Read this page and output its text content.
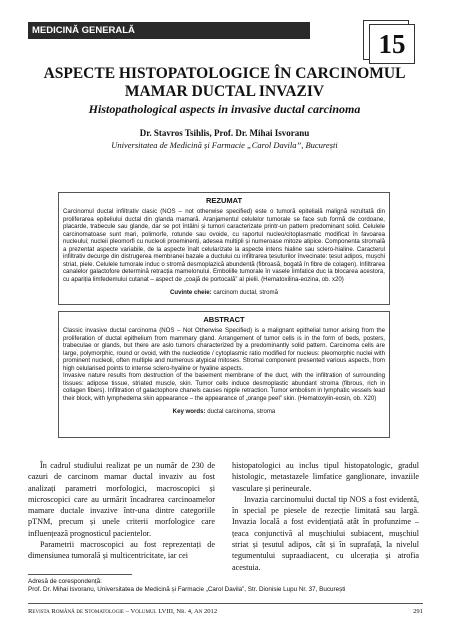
MEDICINĂ GENERALĂ	15
ASPECTE HISTOPATOLOGICE ÎN CARCINOMUL
MAMAR DUCTAL INVAZIV
Histopathological aspects in invasive ductal carcinoma
Dr. Stavros Tsihlis, Prof. Dr. Mihai Isvoranu
Universitatea de Medicină și Farmacie „Carol Davila”, București
REZUMAT
Carcinomul ductal infiltrativ clasic (NOS – not otherwise specified) este o tumoră epitelială malignă rezultată din proliferarea epiteliului ductal din glanda mamară. Aranjamentul celulelor tumorale se face sub formă de cordoane, placarde, trabecule sau glande, dar se pot întâlni și tumori caracterizate printr-un pattern predominant solid. Celulele carcinomatoase sunt mari, polimorfe, rotunde sau ovoide, cu raportul nucleo/citoplasmatic modificat în favoarea nucleului; nucleii pleomorfi cu nucleoli proeminenți, adesea multipli și numeroase mitoze atipice. Componenta stromală a prezentat aspecte variabile, de la aspecte înalt celularizate la aspecte intens hialine sau sclero-hialine. Caracterul infiltrativ decurge din distrugerea membranei bazale a ductului cu infiltrarea țesuturilor învecinate: țesut adipos, mușchi striat, piele. Celulele tumorale induc o stromă desmoplazică abundentă (fibroasă, bogată în fibre de colagen). Infiltrarea canalelor galactofore determină retracția mamelonului. Embolille tumorale în vasele limfatice duc la blocarea acestora, cu apariția limfedemului cutanat – aspect de „coajă de portocală” al pielii. (Hematoxilina-eozina, ob. x20)
Cuvinte cheie: carcinom ductal, stromă
ABSTRACT

Classic invasive ductal carcinoma (NOS – Not Otherwise Specified) is a malignant epithelial tumor arising from the proliferation of ductal epithelium from mammary gland. Arrangement of tumor cells is in the form of beds, posters, trabeculae or glands, but there are aslo tumors characterized by a predominantly solid pattern. Carcinoma cells are large, polymorphic, round or ovoid, with the nucleotide / cytoplasmic ratio modified for nucleus: pleomorphic nuclei with prominent nucleoli, often multiple and numerous atypical mitoses. Stromal component presented various aspects, from high celularised points to intense sclero-hyaline or hyaline aspects.

Invasive nature results from destruction of the basement membrane of the duct, with the infiltration of surrounding tissues: adipose tissue, striated muscle, skin. Tumor cells induce desmoplastic abundant stroma (fibrous, rich in collagen fibers). Infiltration of galactophore chanels causes nipple retraction. Tumor embolism in lymphatic vessels lead their block, with lymphedema skin appearance – the appearance of „orange peel” skin. (Hematoxylin-eosin, ob. X20)

Key words: ductal carcinoma, stroma

În cadrul studiului realizat pe un număr de 230 de cazuri de carcinom mamar ductal invaziv au fost analizați parametri morfologici, macroscopici și microscopici care au urmărit încadrarea carcinoamelor mamare ductale invazive într-una dintre categoriile pTNM, precum și unele criterii morfologice care influențează prognosticul pacientelor.

Parametrii macroscopici au fost reprezentați de dimensiunea tumorală și multicentricitate, iar cei

histopatologici au inclus tipul histopatologic, gradul histologic, metastazele limfatice ganglionare, invaziile vasculare și perineurale.

Invazia carcinomului ductal tip NOS a fost evidentă, în special pe piesele de rezecție limitată sau largă. Invazia locală a fost evidențiată atât în profunzime – țeaca conjunctivă al mușchiului subiacent, mușchiul striat și țesutul adipos, cât și în suprafață, la nivelul tegumentului supraadiacent, cu ulcerația și atrofia acestuia.

Adresă de corespondență:
Prof. Dr. Mihai Isvoranu, Universitatea de Medicină și Farmacie „Carol Davila”, Str. Dionisie Lupu Nr. 37, București
Revista Română de Stomatologie – Volumul LVIII, Nr. 4, An 2012	291
